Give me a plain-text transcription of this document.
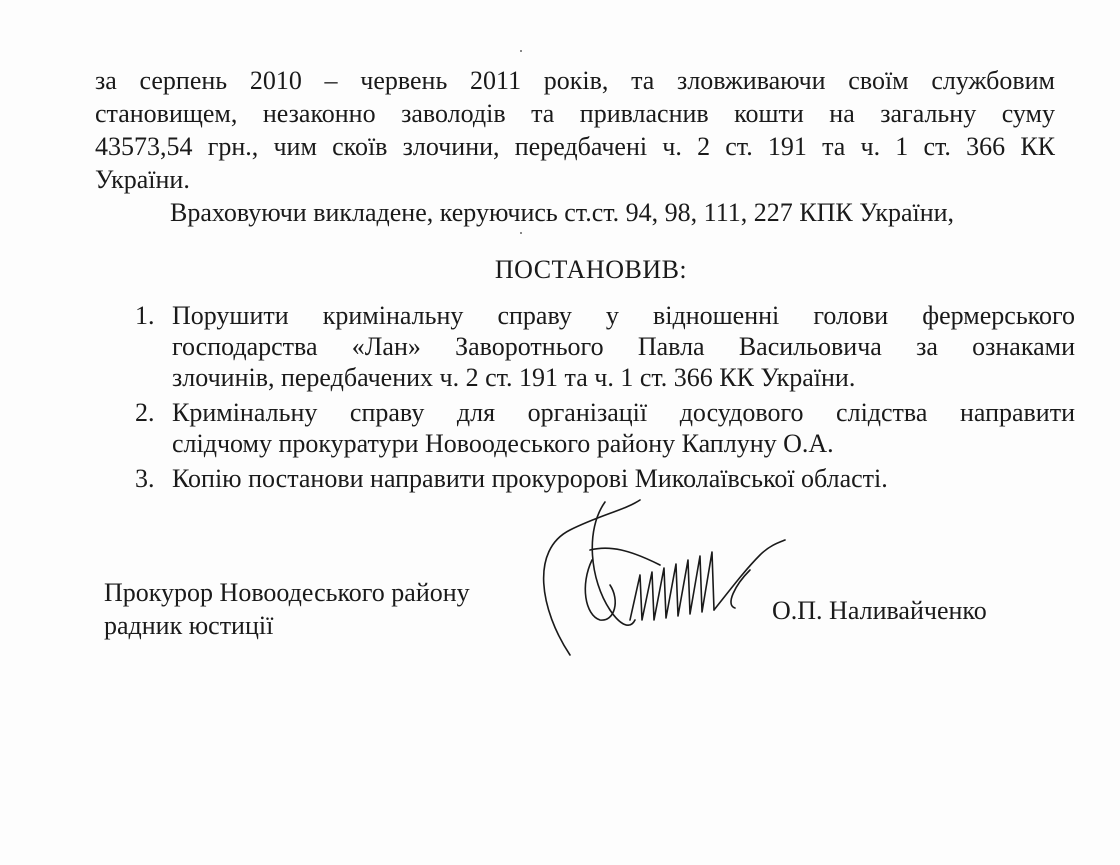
за серпень 2010 – червень 2011 років, та зловживаючи своїм службовим
становищем, незаконно заволодів та привласнив кошти на загальну суму
43573,54 грн., чим скоїв злочини, передбачені ч. 2 ст. 191 та ч. 1 ст. 366 КК
України.
Враховуючи викладене, керуючись ст.ст. 94, 98, 111, 227 КПК України,
ПОСТАНОВИВ:
1. Порушити кримінальну справу у відношенні голови фермерського
господарства «Лан» Заворотнього Павла Васильовича за ознаками
злочинів, передбачених ч. 2 ст. 191 та ч. 1 ст. 366 КК України.
2. Кримінальну справу для організації досудового слідства направити
слідчому прокуратури Новоодеського району Каплуну О.А.
3. Копію постанови направити прокуророві Миколаївської області.
Прокурор Новоодеського району
радник юстиції
О.П. Наливайченко
